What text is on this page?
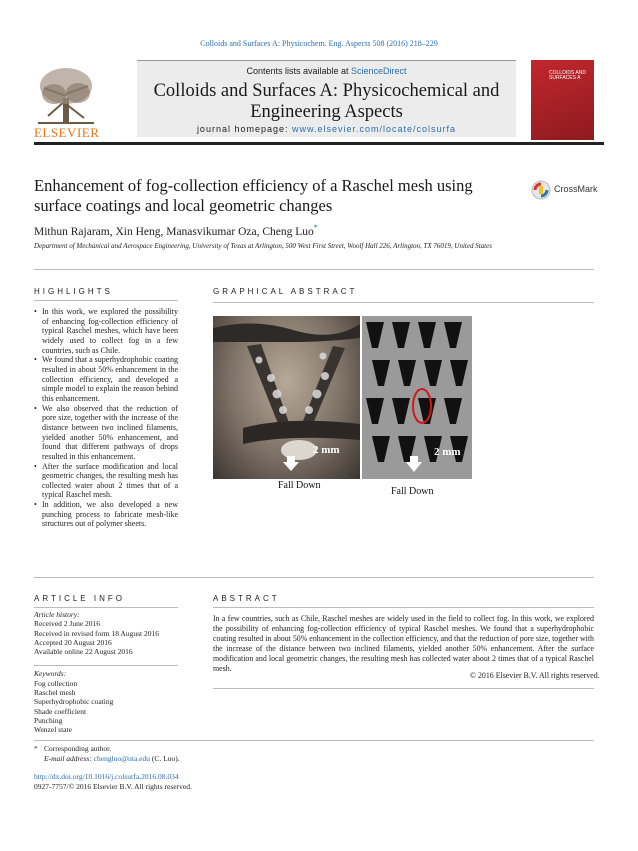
Colloids and Surfaces A: Physicochem. Eng. Aspects 508 (2016) 218–229
ELSEVIER
Contents lists available at ScienceDirect
Colloids and Surfaces A: Physicochemical and Engineering Aspects
journal homepage: www.elsevier.com/locate/colsurfa
COLLOIDS AND SURFACES A
Enhancement of fog-collection efficiency of a Raschel mesh using surface coatings and local geometric changes
CrossMark
Mithun Rajaram, Xin Heng, Manasvikumar Oza, Cheng Luo*
Department of Mechanical and Aerospace Engineering, University of Texas at Arlington, 500 West First Street, Woolf Hall 226, Arlington, TX 76019, United States
HIGHLIGHTS
• In this work, we explored the possibility of enhancing fog-collection efficiency of typical Raschel meshes, which have been widely used to collect fog in a few countries, such as Chile.
• We found that a superhydrophobic coating resulted in about 50% enhancement in the collection efficiency, and developed a simple model to explain the reason behind this enhancement.
• We also observed that the reduction of pore size, together with the increase of the distance between two inclined filaments, yielded another 50% enhancement, and found that different pathways of drops resulted in this enhancement.
• After the surface modification and local geometric changes, the resulting mesh has collected water about 2 times that of a typical Raschel mesh.
• In addition, we also developed a new punching process to fabricate mesh-like structures out of polymer sheets.
GRAPHICAL ABSTRACT
2 mm	2 mm
Fall Down
Fall Down
ARTICLE INFO
Article history:
Received 2 June 2016
Received in revised form 18 August 2016
Accepted 20 August 2016
Available online 22 August 2016
Keywords:
Fog collection
Raschel mesh
Superhydrophobic coating
Shade coefficient
Punching
Wenzel state
ABSTRACT
In a few countries, such as Chile, Raschel meshes are widely used in the field to collect fog. In this work, we explored the possibility of enhancing fog-collection efficiency of typical Raschel meshes. We found that a superhydrophobic coating resulted in about 50% enhancement in the collection efficiency, and that the reduction of pore size, together with the increase of the distance between two inclined filaments, yielded another 50% enhancement. After the surface modification and local geometric changes, the resulting mesh has collected water about 2 times that of a typical Raschel mesh.
© 2016 Elsevier B.V. All rights reserved.
* Corresponding author.
E-mail address: chengluo@uta.edu (C. Luo).
http://dx.doi.org/10.1016/j.colsurfa.2016.08.034
0927-7757/© 2016 Elsevier B.V. All rights reserved.
